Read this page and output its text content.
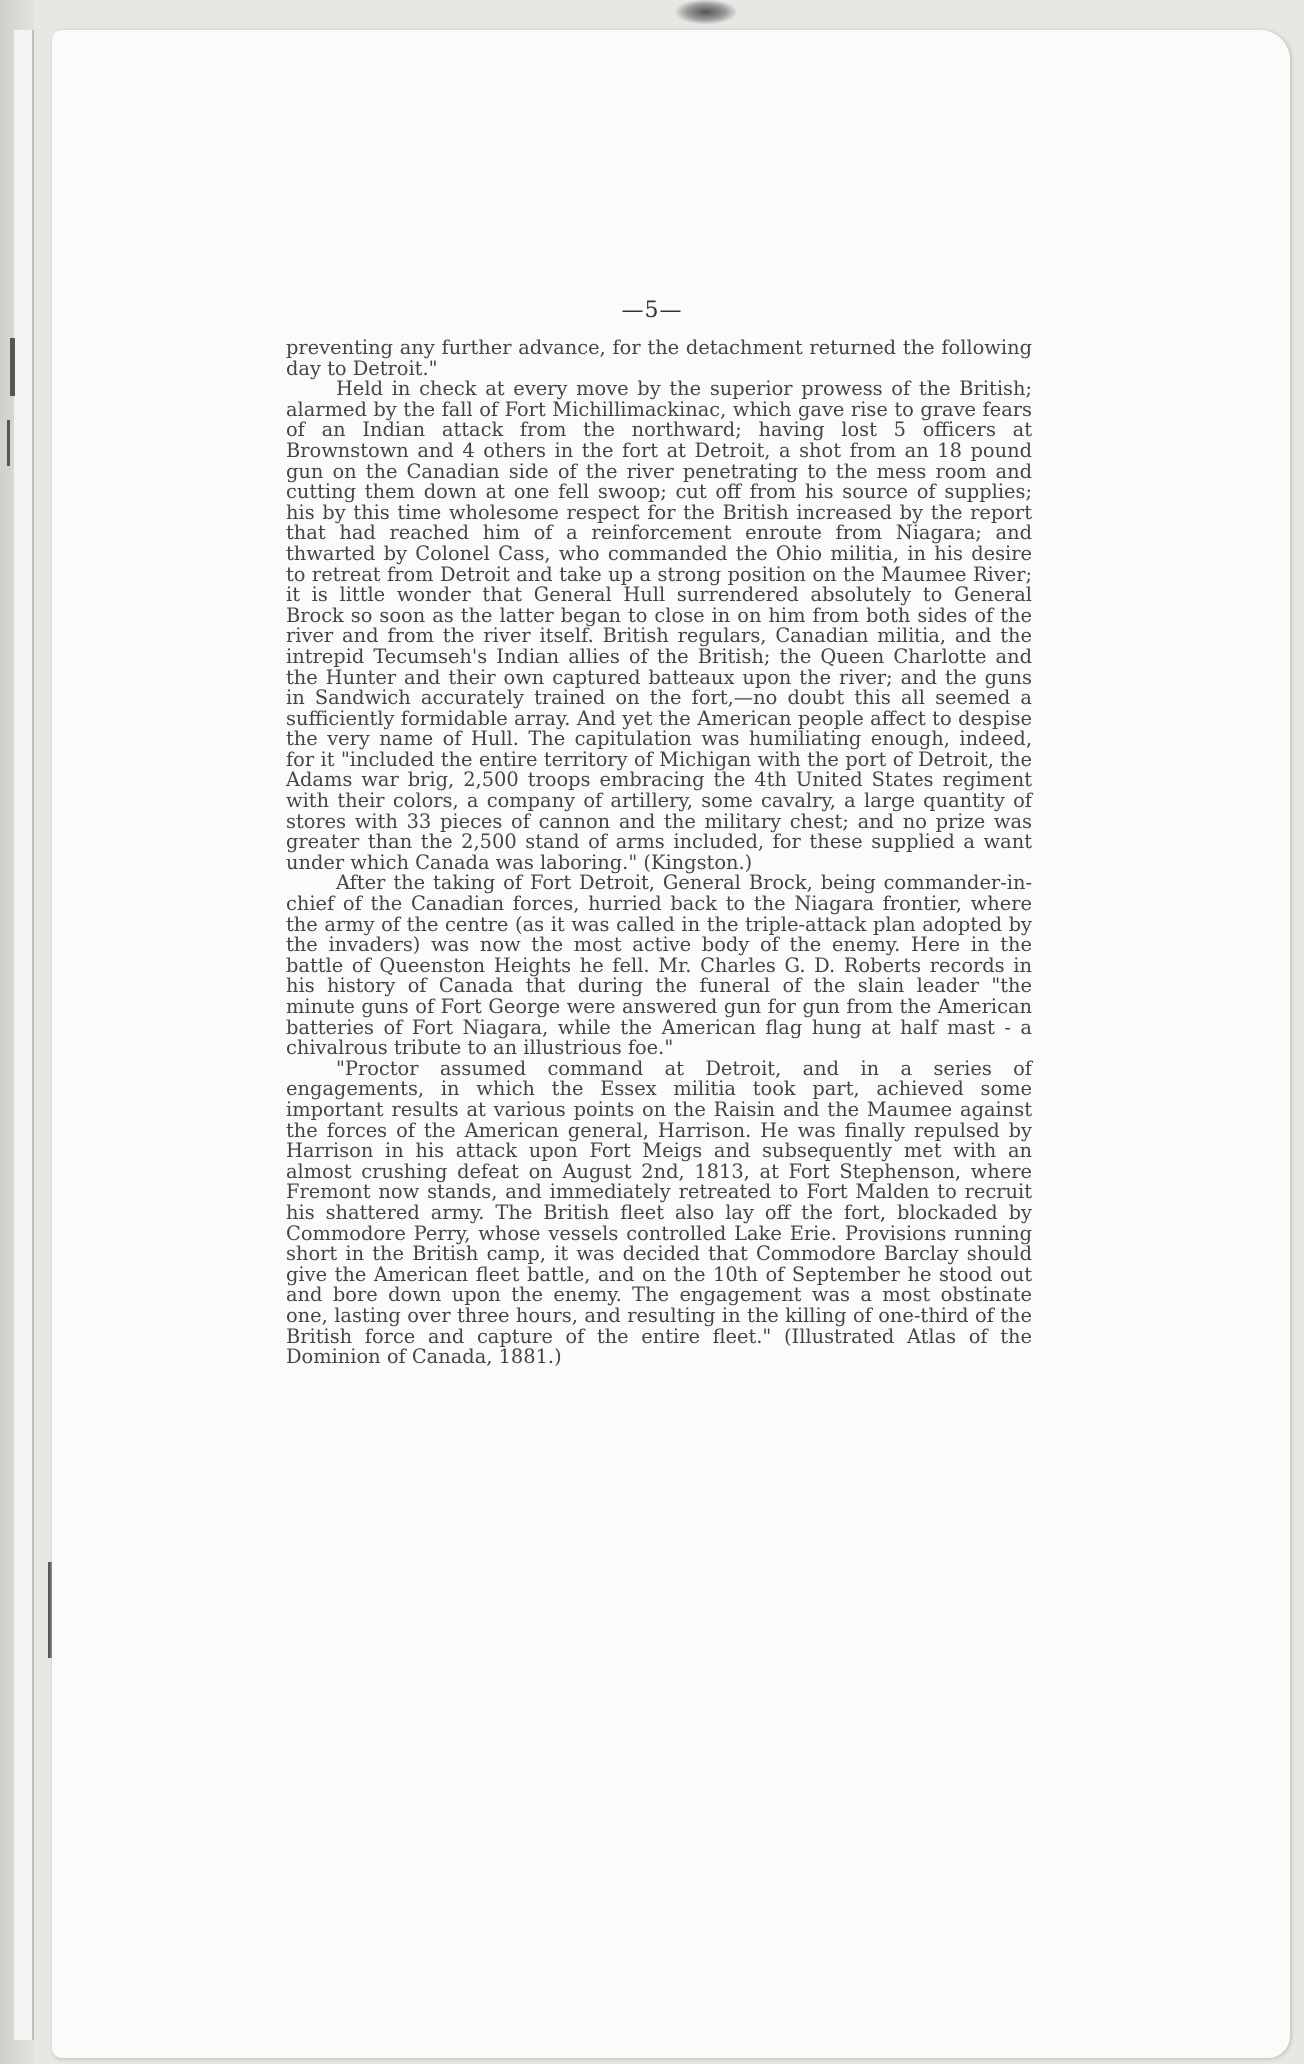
—5—

preventing any further advance, for the detachment returned the following day to Detroit."

Held in check at every move by the superior prowess of the British; alarmed by the fall of Fort Michillimackinac, which gave rise to grave fears of an Indian attack from the northward; having lost 5 officers at Brownstown and 4 others in the fort at Detroit, a shot from an 18 pound gun on the Canadian side of the river penetrating to the mess room and cutting them down at one fell swoop; cut off from his source of supplies; his by this time wholesome respect for the British increased by the report that had reached him of a reinforcement enroute from Niagara; and thwarted by Colonel Cass, who commanded the Ohio militia, in his desire to retreat from Detroit and take up a strong position on the Maumee River; it is little wonder that General Hull surrendered absolutely to General Brock so soon as the latter began to close in on him from both sides of the river and from the river itself. British regulars, Canadian militia, and the intrepid Tecumseh's Indian allies of the British; the Queen Charlotte and the Hunter and their own captured batteaux upon the river; and the guns in Sandwich accurately trained on the fort,—no doubt this all seemed a sufficiently formidable array. And yet the American people affect to despise the very name of Hull. The capitulation was humiliating enough, indeed, for it "included the entire territory of Michigan with the port of Detroit, the Adams war brig, 2,500 troops embracing the 4th United States regiment with their colors, a company of artillery, some cavalry, a large quantity of stores with 33 pieces of cannon and the military chest; and no prize was greater than the 2,500 stand of arms included, for these supplied a want under which Canada was laboring." (Kingston.)

After the taking of Fort Detroit, General Brock, being commander-in-chief of the Canadian forces, hurried back to the Niagara frontier, where the army of the centre (as it was called in the triple-attack plan adopted by the invaders) was now the most active body of the enemy. Here in the battle of Queenston Heights he fell. Mr. Charles G. D. Roberts records in his history of Canada that during the funeral of the slain leader "the minute guns of Fort George were answered gun for gun from the American batteries of Fort Niagara, while the American flag hung at half mast - a chivalrous tribute to an illustrious foe."

"Proctor assumed command at Detroit, and in a series of engagements, in which the Essex militia took part, achieved some important results at various points on the Raisin and the Maumee against the forces of the American general, Harrison. He was finally repulsed by Harrison in his attack upon Fort Meigs and subsequently met with an almost crushing defeat on August 2nd, 1813, at Fort Stephenson, where Fremont now stands, and immediately retreated to Fort Malden to recruit his shattered army. The British fleet also lay off the fort, blockaded by Commodore Perry, whose vessels controlled Lake Erie. Provisions running short in the British camp, it was decided that Commodore Barclay should give the American fleet battle, and on the 10th of September he stood out and bore down upon the enemy. The engagement was a most obstinate one, lasting over three hours, and resulting in the killing of one-third of the British force and capture of the entire fleet." (Illustrated Atlas of the Dominion of Canada, 1881.)
